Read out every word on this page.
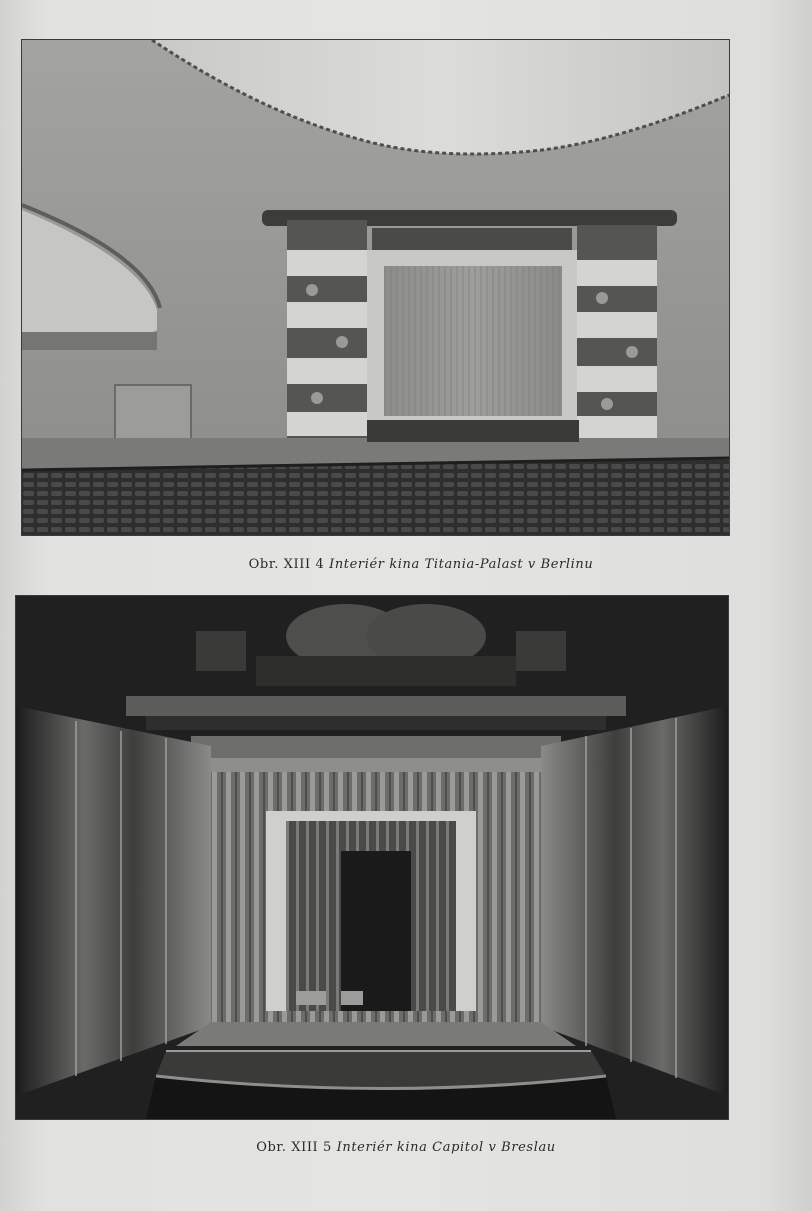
Obr. XIII 4 Interiér kina Titania-Palast v Berlinu
Obr. XIII 5 Interiér kina Capitol v Breslau
